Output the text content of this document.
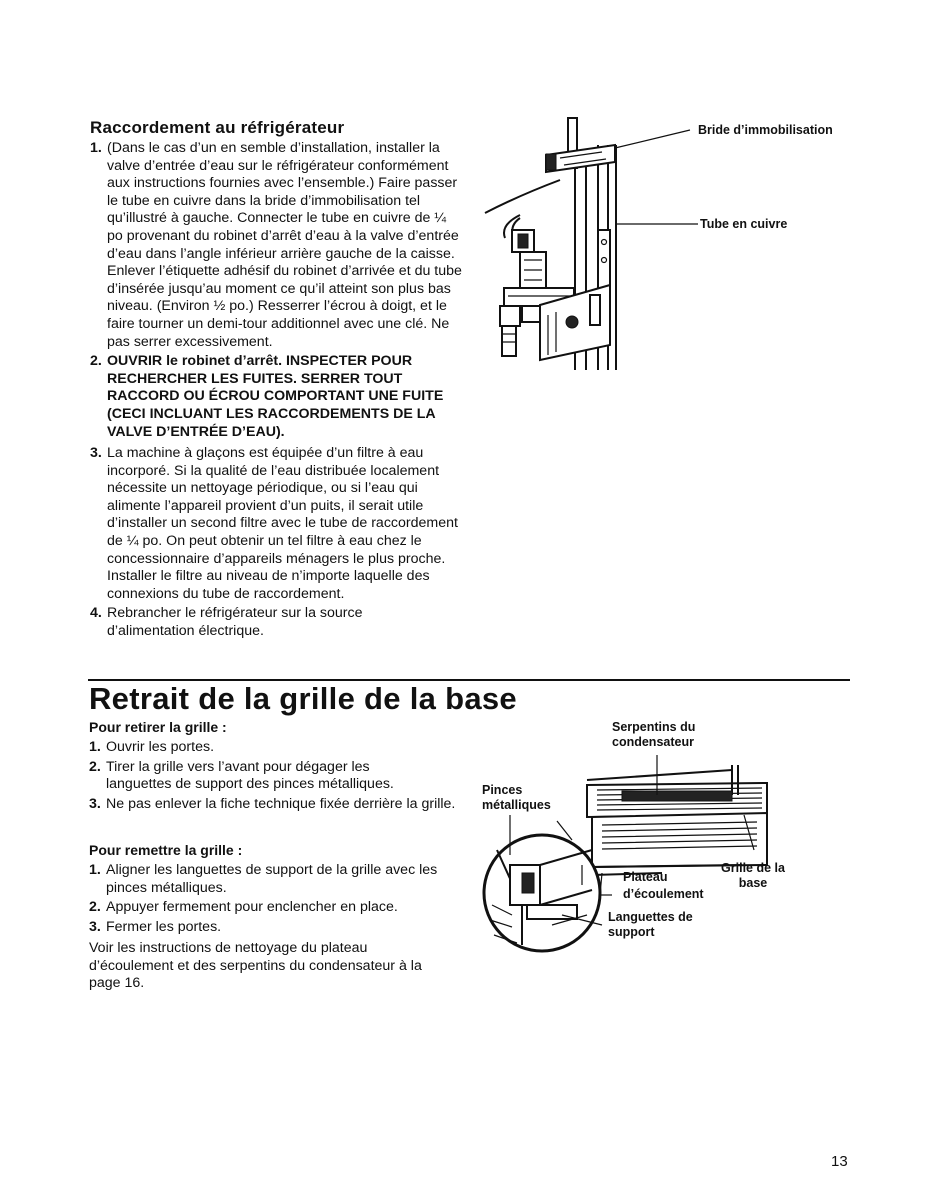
Raccordement au réfrigérateur
1. (Dans le cas d’un en semble d’installation, installer la valve d’entrée d’eau sur le réfrigérateur conformément aux instructions fournies avec l’ensemble.) Faire passer le tube en cuivre dans la bride d’immobilisation tel qu’illustré à gauche. Connecter le tube en cuivre de ¼ po provenant du robinet d’arrêt d’eau à la valve d’entrée d’eau dans l’angle inférieur arrière gauche de la caisse. Enlever l’étiquette adhésif du robinet d’arrivée et du tube d’insérée jusqu’au moment ce qu’il atteint son plus bas niveau. (Environ ½ po.) Resserrer l’écrou à doigt, et le faire tourner un demi-tour additionnel avec une clé. Ne pas serrer excessivement.
2. OUVRIR le robinet d’arrêt. INSPECTER POUR RECHERCHER LES FUITES. SERRER TOUT RACCORD OU ÉCROU COMPORTANT UNE FUITE (CECI INCLUANT LES RACCORDEMENTS DE LA VALVE D’ENTRÉE D’EAU).
3. La machine à glaçons est équipée d’un filtre à eau incorporé. Si la qualité de l’eau distribuée localement nécessite un nettoyage périodique, ou si l’eau qui alimente l’appareil provient d’un puits, il serait utile d’installer un second filtre avec le tube de raccordement de ¼ po. On peut obtenir un tel filtre à eau chez le concessionnaire d’appareils ménagers le plus proche. Installer le filtre au niveau de n’importe laquelle des connexions du tube de raccordement.
4. Rebrancher le réfrigérateur sur la source d’alimentation électrique.
Bride d’immobilisation
Tube en cuivre
Retrait de la grille de la base
Pour retirer la grille :
1. Ouvrir les portes.
2. Tirer la grille vers l’avant pour dégager les languettes de support des pinces métalliques.
3. Ne pas enlever la fiche technique fixée derrière la grille.
Pour remettre la grille :
1. Aligner les languettes de support de la grille avec les pinces métalliques.
2. Appuyer fermement pour enclencher en place.
3. Fermer les portes.
Voir les instructions de nettoyage du plateau d’écoulement et des serpentins du condensateur à la page 16.
Serpentins du condensateur
Pinces métalliques
Plateau d’écoulement
Grille de la base
Languettes de support
13
